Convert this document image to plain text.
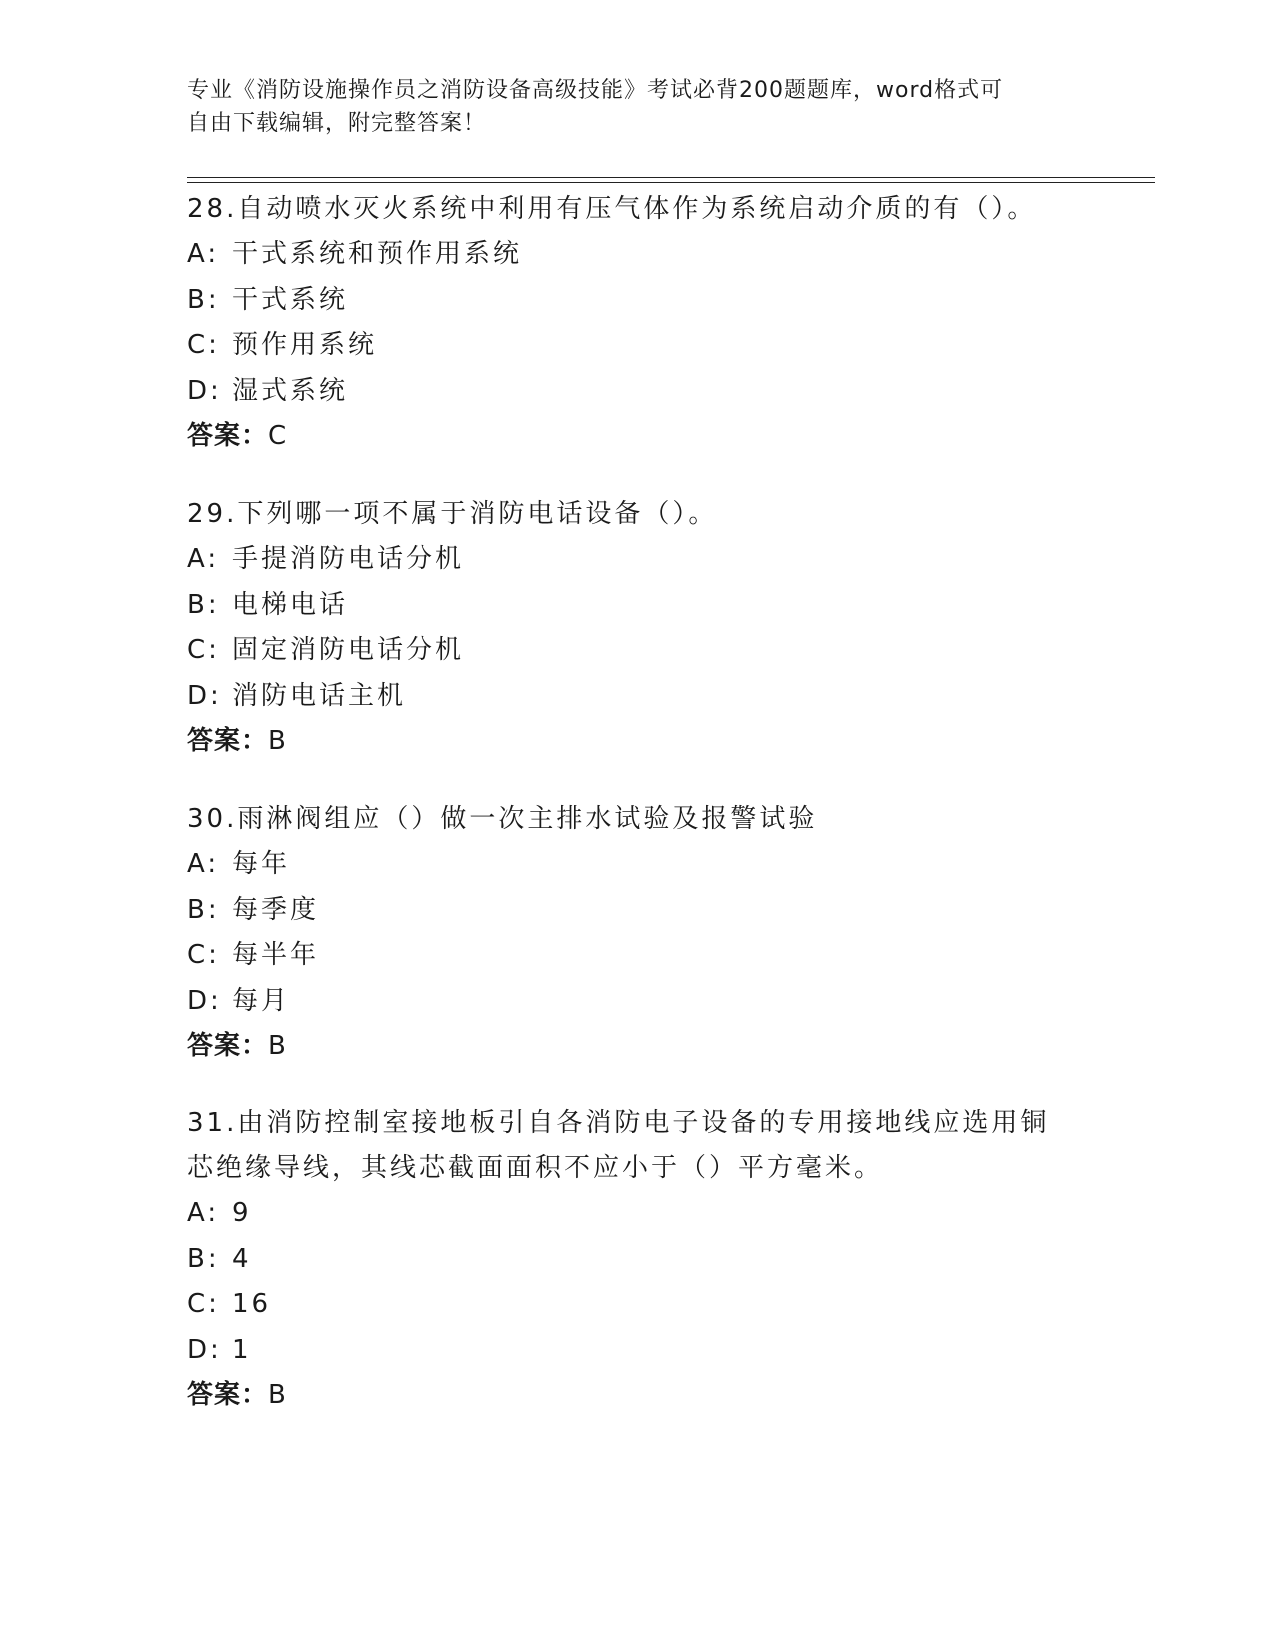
专业《消防设施操作员之消防设备高级技能》考试必背200题题库，word格式可
自由下载编辑，附完整答案！
28.自动喷水灭火系统中利用有压气体作为系统启动介质的有（）。
A: 干式系统和预作用系统
B: 干式系统
C: 预作用系统
D: 湿式系统
答案：C
29.下列哪一项不属于消防电话设备（）。
A: 手提消防电话分机
B: 电梯电话
C: 固定消防电话分机
D: 消防电话主机
答案：B
30.雨淋阀组应（）做一次主排水试验及报警试验
A: 每年
B: 每季度
C: 每半年
D: 每月
答案：B
31.由消防控制室接地板引自各消防电子设备的专用接地线应选用铜芯绝缘导线，其线芯截面面积不应小于（）平方毫米。
A: 9
B: 4
C: 16
D: 1
答案：B
